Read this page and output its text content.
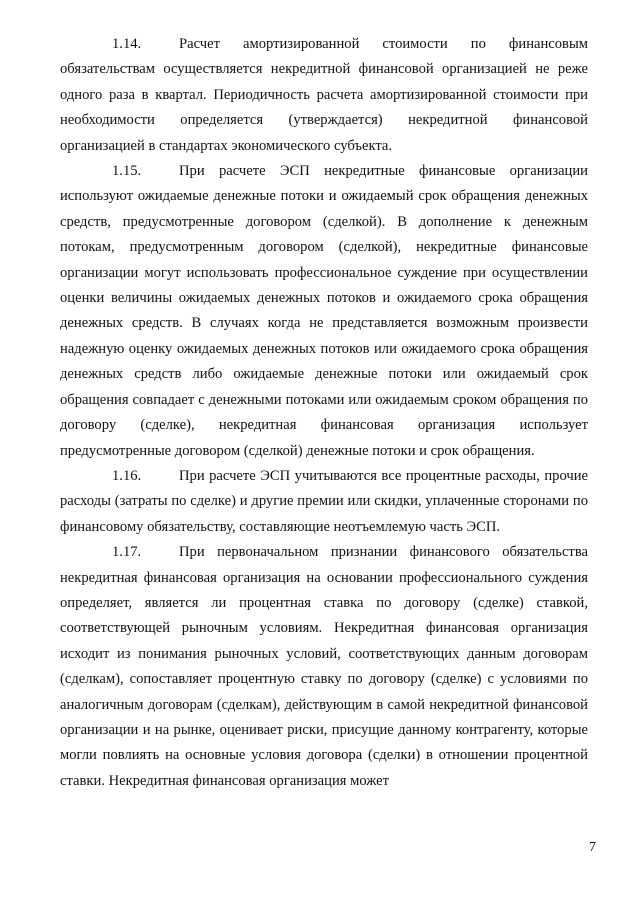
1.14.	Расчет амортизированной стоимости по финансовым обязательствам осуществляется некредитной финансовой организацией не реже одного раза в квартал. Периодичность расчета амортизированной стоимости при необходимости определяется (утверждается) некредитной финансовой организацией в стандартах экономического субъекта.

1.15.	При расчете ЭСП некредитные финансовые организации используют ожидаемые денежные потоки и ожидаемый срок обращения денежных средств, предусмотренные договором (сделкой). В дополнение к денежным потокам, предусмотренным договором (сделкой), некредитные финансовые организации могут использовать профессиональное суждение при осуществлении оценки величины ожидаемых денежных потоков и ожидаемого срока обращения денежных средств. В случаях когда не представляется возможным произвести надежную оценку ожидаемых денежных потоков или ожидаемого срока обращения денежных средств либо ожидаемые денежные потоки или ожидаемый срок обращения совпадает с денежными потоками или ожидаемым сроком обращения по договору (сделке), некредитная финансовая организация использует предусмотренные договором (сделкой) денежные потоки и срок обращения.

1.16.	При расчете ЭСП учитываются все процентные расходы, прочие расходы (затраты по сделке) и другие премии или скидки, уплаченные сторонами по финансовому обязательству, составляющие неотъемлемую часть ЭСП.

1.17.	При первоначальном признании финансового обязательства некредитная финансовая организация на основании профессионального суждения определяет, является ли процентная ставка по договору (сделке) ставкой, соответствующей рыночным условиям. Некредитная финансовая организация исходит из понимания рыночных условий, соответствующих данным договорам (сделкам), сопоставляет процентную ставку по договору (сделке) с условиями по аналогичным договорам (сделкам), действующим в самой некредитной финансовой организации и на рынке, оценивает риски, присущие данному контрагенту, которые могли повлиять на основные условия договора (сделки) в отношении процентной ставки. Некредитная финансовая организация может

7
